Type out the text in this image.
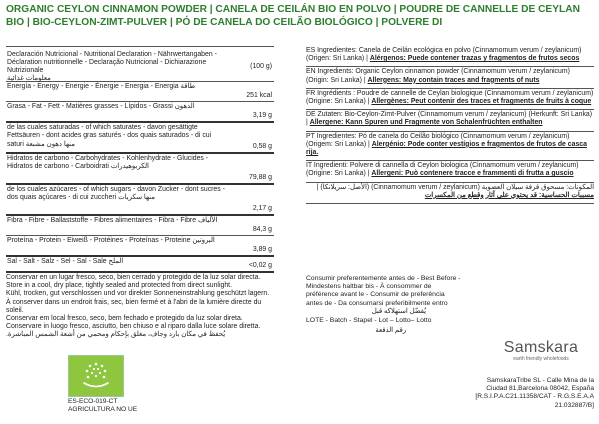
ORGANIC CEYLON CINNAMON POWDER | CANELA DE CEILÁN BIO EN POLVO | POUDRE DE CANNELLE DE CEYLAN BIO | BIO-CEYLON-ZIMT-PULVER | PÓ DE CANELA DO CEILÃO BIOLÓGICO | POLVERE DI
Declaración Nutricional - Nutritional Declaration - Nährwertangaben - Déclaration nutritionnelle - Declaração Nutricional - Dichiarazione Nutrizionale
معلومات غذائية
(100 g)
Energía - Energy - Energie - Énergie - Energia - Energia طاقة
251 kcal
Grasa - Fat - Fett - Matières grasses - Lípidos - Grassi الدهون
3,19 g
de las cuales saturadas - of which saturates - davon gesättigte Fettsäuren - dont acides gras saturés - dos quais saturados - di cui saturi منها دهون مشبعة	0,58 g
Hidratos de carbono - Carbohydrates - Kohlenhydrate - Glucides - Hidratos de carbono - Carboidrati الكربوهيدرات
79,88 g
de los cuales azúcares - of which sugars - davon Zucker - dont sucres - dos quais açúcares - di cui zuccheri منها سكريات
2,17 g
Fibra - Fibre - Ballaststoffe - Fibres alimentaires - Fibra - Fibre الألياف
84,3 g
Proteína - Protein - Eiweiß - Protéines - Proteínas - Proteine البروتين
3,89 g
Sal - Salt - Salz - Sel - Sal - Sale الملح
<0,02 g
Conservar en un lugar fresco, seco, bien cerrado y protegido de la luz solar directa.
Store in a cool, dry place, tightly sealed and protected from direct sunlight.
Kühl, trocken, gut verschlossen und vor direkter Sonneneinstrahlung geschützt lagern.
À conserver dans un endroit frais, sec, bien fermé et à l'abri de la lumière directe du soleil.
Conservar em local fresco, seco, bem fechado e protegido da luz solar direta.
Conservare in luogo fresco, asciutto, ben chiuso e al riparo dalla luce solare diretta.
يُحفظ في مكان بارد وجاف، مغلق بإحكام ومحمي من أشعة الشمس المباشرة.
ES-ECO-019-CT
AGRICULTURA NO UE
ES Ingredientes: Canela de Ceilán ecológica en polvo (Cinnamomum verum / zeylanicum) (Origen: Sri Lanka) | Alérgenos: Puede contener trazas y fragmentos de frutos secos
EN Ingredients: Organic Ceylon cinnamon powder (Cinnamomum verum / zeylanicum) (Origin: Sri Lanka) | Allergens: May contain traces and fragments of nuts
FR Ingrédients : Poudre de cannelle de Ceylan biologique (Cinnamomum verum / zeylanicum) (Origine: Sri Lanka) | Allergènes: Peut contenir des traces et fragments de fruits à coque
DE Zutaten: Bio-Ceylon-Zimt-Pulver (Cinnamomum verum / zeylanicum) (Herkunft: Sri Lanka) | Allergene: Kann Spuren und Fragmente von Schalenfrüchten enthalten
PT Ingredientes: Pó de canela do Ceilão biológico (Cinnamomum verum / zeylanicum) (Origem: Sri Lanka) | Alergénio: Pode conter vestígios e fragmentos de frutos de casca rija.
IT Ingredienti: Polvere di cannella di Ceylon biologica (Cinnamomum verum / zeylanicum) (Origine: Sri Lanka) | Allergeni: Può contenere tracce e frammenti di frutta a guscio
المكونات: مسحوق قرفة سيلان العضوية (Cinnamomum verum / zeylanicum) (الأصل: سريلانكا) | مسببات الحساسية: قد يحتوي على آثار وقطع من المكسرات
Consumir preferentemente antes de - Best Before -
Mindestens haltbar bis - À consommer de
préférence avant le - Consumir de preferência
antes de - Da consumarsi preferibilmente entro
يُفضّل استهلاكه قبل
LOTE - Batch - Stapel - Lot – Lotto– Lotto
رقم الدفعة
Samskara
earth friendly wholefoods
SamskaraTribe SL - Calle Mina de la
Ciudad 81,Barcelona 08042, España
[R.S.I.P.A.C21.11358/CAT - R.G.S.E.A.A
21.032887/B]
